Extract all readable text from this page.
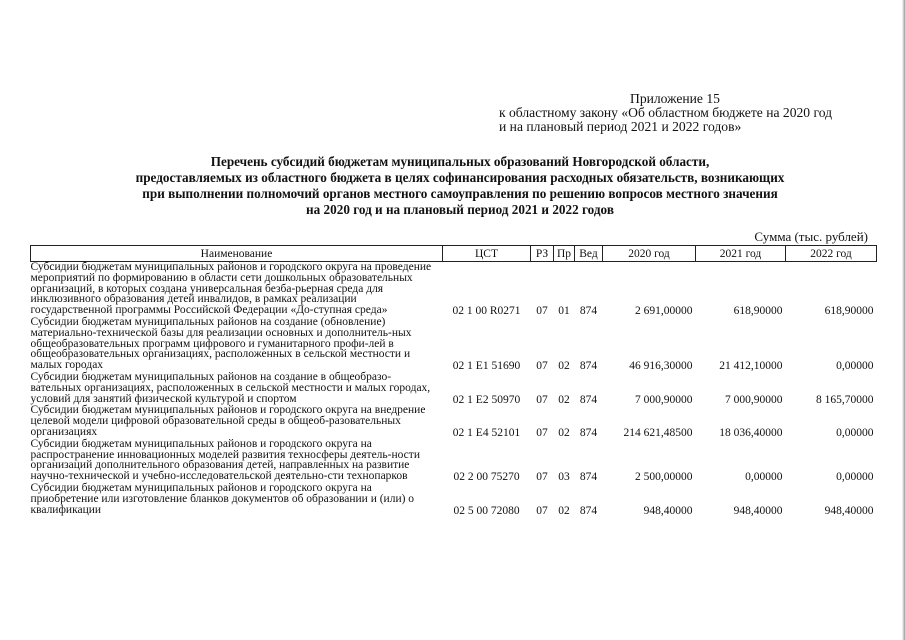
Приложение 15
к областному закону «Об областном бюджете на 2020 год
и на плановый период 2021 и 2022 годов»
Перечень субсидий бюджетам муниципальных образований Новгородской области,
предоставляемых из областного бюджета в целях софинансирования расходных обязательств, возникающих
при выполнении полномочий органов местного самоуправления по решению вопросов местного значения
на 2020 год и на плановый период 2021 и 2022 годов
Сумма (тыс. рублей)
Наименование	ЦСТ	РЗ	Пр	Вед	2020 год	2021 год	2022 год
Субсидии бюджетам муниципальных районов и городского округа на проведение мероприятий по формированию в области сети дошкольных образовательных организаций, в которых создана универсальная безба-рьерная среда для инклюзивного образования детей инвалидов, в рамках реализации государственной программы Российской Федерации «До-ступная среда»	02 1 00 R0271	07	01	874	2 691,00000	618,90000	618,90000
Субсидии бюджетам муниципальных районов на создание (обновление) материально-технической базы для реализации основных и дополнитель-ных общеобразовательных программ цифрового и гуманитарного профи-лей в общеобразовательных организациях, расположенных в сельской местности и малых городах	02 1 Е1 51690	07	02	874	46 916,30000	21 412,10000	0,00000
Субсидии бюджетам муниципальных районов на создание в общеобразо-вательных организациях, расположенных в сельской местности и малых городах, условий для занятий физической культурой и спортом	02 1 Е2 50970	07	02	874	7 000,90000	7 000,90000	8 165,70000
Субсидии бюджетам муниципальных районов и городского округа на внедрение целевой модели цифровой образовательной среды в общеоб-разовательных организациях	02 1 Е4 52101	07	02	874	214 621,48500	18 036,40000	0,00000
Субсидии бюджетам муниципальных районов и городского округа на распространение инновационных моделей развития техносферы деятель-ности организаций дополнительного образования детей, направленных на развитие научно-технической и учебно-исследовательской деятельно-сти технопарков	02 2 00 75270	07	03	874	2 500,00000	0,00000	0,00000
Субсидии бюджетам муниципальных районов и городского округа на приобретение или изготовление бланков документов об образовании и (или) о квалификации	02 5 00 72080	07	02	874	948,40000	948,40000	948,40000
